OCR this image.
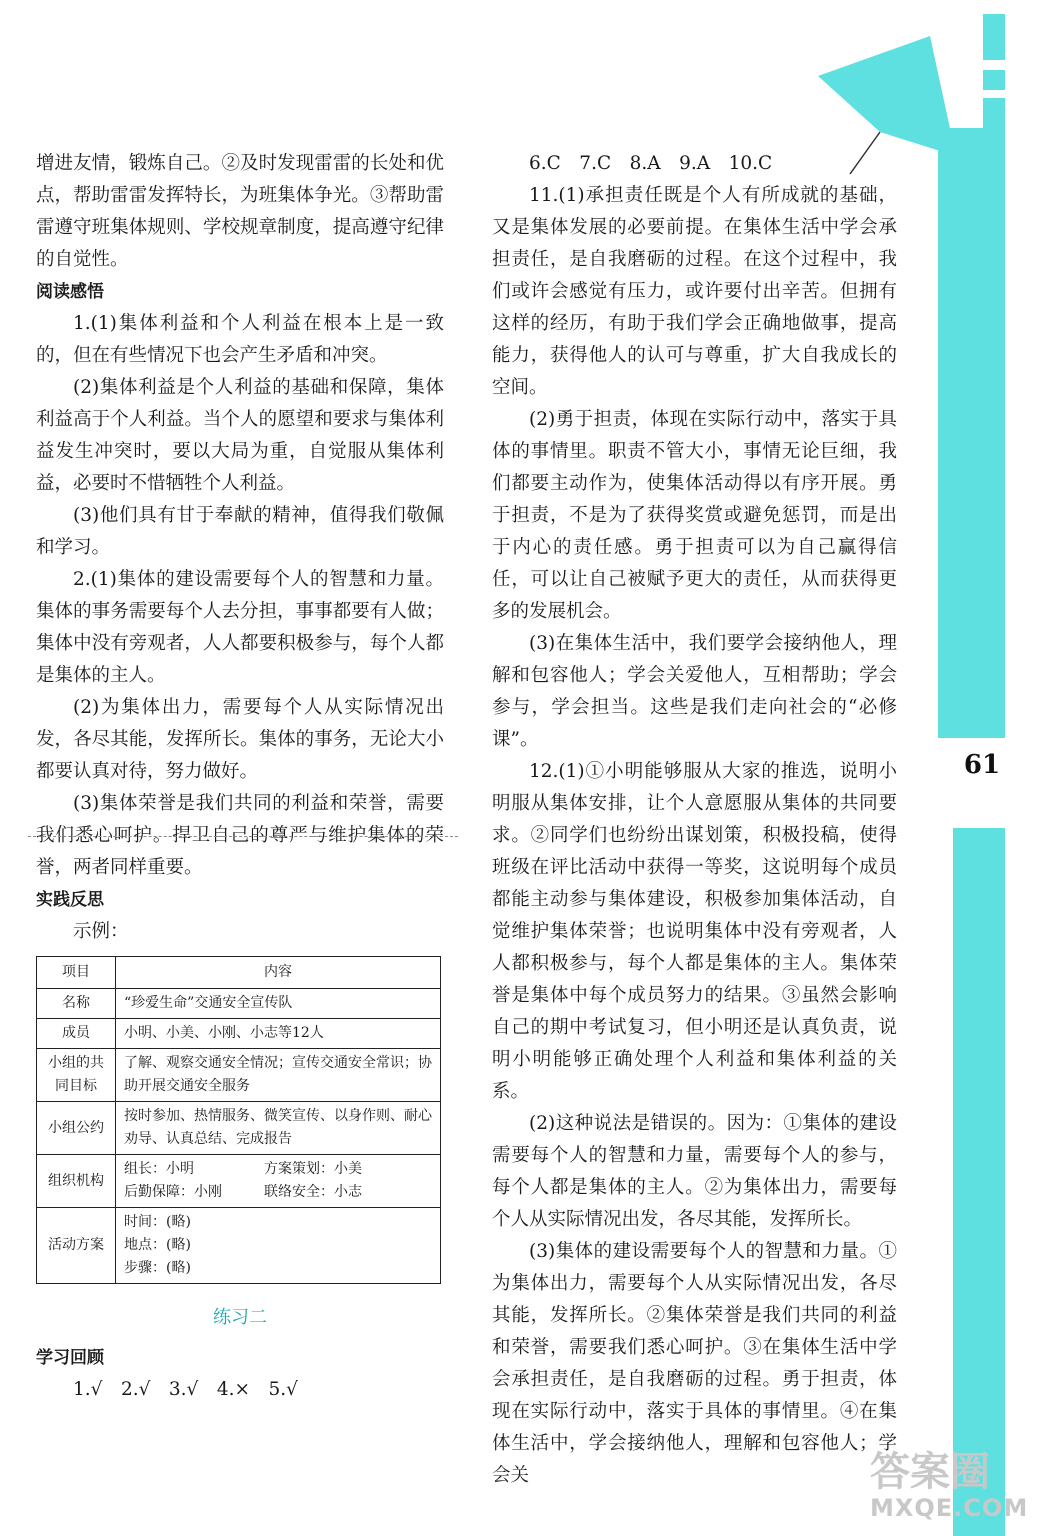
61

增进友情，锻炼自己。②及时发现雷雷的长处和优点，帮助雷雷发挥特长，为班集体争光。③帮助雷雷遵守班集体规则、学校规章制度，提高遵守纪律的自觉性。

阅读感悟

1.(1)集体利益和个人利益在根本上是一致的，但在有些情况下也会产生矛盾和冲突。

(2)集体利益是个人利益的基础和保障，集体利益高于个人利益。当个人的愿望和要求与集体利益发生冲突时，要以大局为重，自觉服从集体利益，必要时不惜牺牲个人利益。

(3)他们具有甘于奉献的精神，值得我们敬佩和学习。

2.(1)集体的建设需要每个人的智慧和力量。集体的事务需要每个人去分担，事事都要有人做；集体中没有旁观者，人人都要积极参与，每个人都是集体的主人。

(2)为集体出力，需要每个人从实际情况出发，各尽其能，发挥所长。集体的事务，无论大小都要认真对待，努力做好。

(3)集体荣誉是我们共同的利益和荣誉，需要我们悉心呵护。捍卫自己的尊严与维护集体的荣誉，两者同样重要。

实践反思

示例：

项目	内容
名称	“珍爱生命”交通安全宣传队
成员	小明、小美、小刚、小志等12人
小组的共同目标	了解、观察交通安全情况；宣传交通安全常识；协助开展交通安全服务
小组公约	按时参加、热情服务、微笑宣传、以身作则、耐心劝导、认真总结、完成报告
组织机构	组长：小明 方案策划：小美
后勤保障：小刚 联络安全：小志

活动方案	时间：(略)
地点：(略)
步骤：(略)
练习二

学习回顾

1.√　2.√　3.√　4.×　5.√

6.C　7.C　8.A　9.A　10.C

11.(1)承担责任既是个人有所成就的基础，又是集体发展的必要前提。在集体生活中学会承担责任，是自我磨砺的过程。在这个过程中，我们或许会感觉有压力，或许要付出辛苦。但拥有这样的经历，有助于我们学会正确地做事，提高能力，获得他人的认可与尊重，扩大自我成长的空间。

(2)勇于担责，体现在实际行动中，落实于具体的事情里。职责不管大小，事情无论巨细，我们都要主动作为，使集体活动得以有序开展。勇于担责，不是为了获得奖赏或避免惩罚，而是出于内心的责任感。勇于担责可以为自己赢得信任，可以让自己被赋予更大的责任，从而获得更多的发展机会。

(3)在集体生活中，我们要学会接纳他人，理解和包容他人；学会关爱他人，互相帮助；学会参与，学会担当。这些是我们走向社会的“必修课”。

12.(1)①小明能够服从大家的推选，说明小明服从集体安排，让个人意愿服从集体的共同要求。②同学们也纷纷出谋划策，积极投稿，使得班级在评比活动中获得一等奖，这说明每个成员都能主动参与集体建设，积极参加集体活动，自觉维护集体荣誉；也说明集体中没有旁观者，人人都积极参与，每个人都是集体的主人。集体荣誉是集体中每个成员努力的结果。③虽然会影响自己的期中考试复习，但小明还是认真负责，说明小明能够正确处理个人利益和集体利益的关系。

(2)这种说法是错误的。因为：①集体的建设需要每个人的智慧和力量，需要每个人的参与，每个人都是集体的主人。②为集体出力，需要每个人从实际情况出发，各尽其能，发挥所长。

(3)集体的建设需要每个人的智慧和力量。①为集体出力，需要每个人从实际情况出发，各尽其能，发挥所长。②集体荣誉是我们共同的利益和荣誉，需要我们悉心呵护。③在集体生活中学会承担责任，是自我磨砺的过程。勇于担责，体现在实际行动中，落实于具体的事情里。④在集体生活中，学会接纳他人，理解和包容他人；学会关	答案圈
MXQE.COM
